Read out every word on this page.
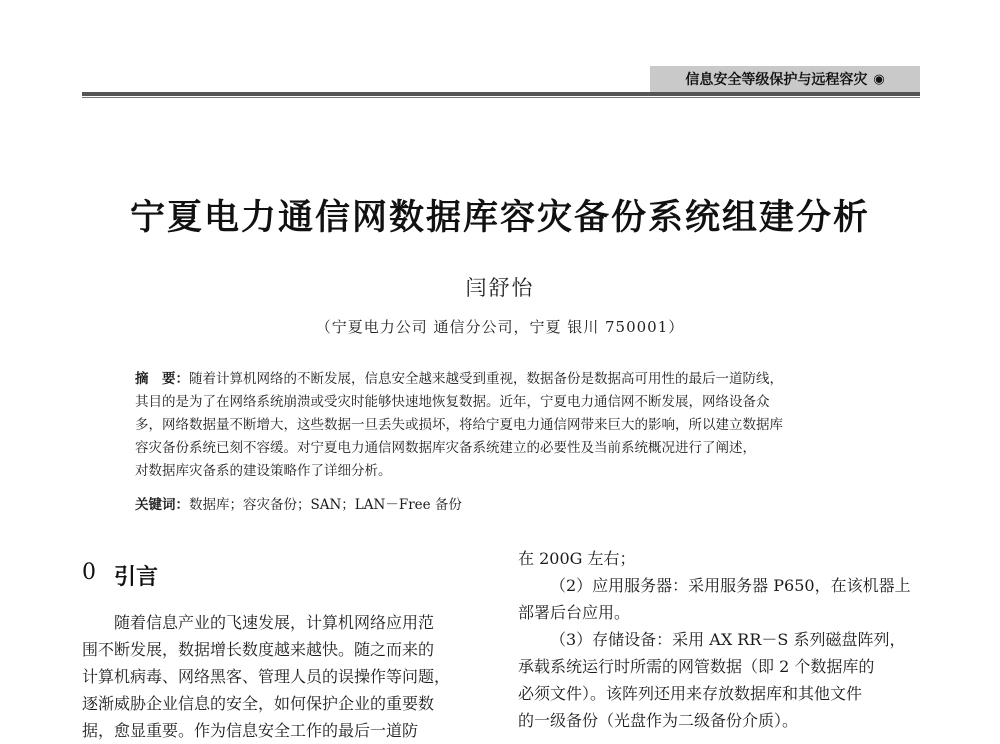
信息安全等级保护与远程容灾 ◉
宁夏电力通信网数据库容灾备份系统组建分析
闫舒怡
（宁夏电力公司 通信分公司，宁夏 银川 750001）
摘　要：随着计算机网络的不断发展，信息安全越来越受到重视，数据备份是数据高可用性的最后一道防线，
其目的是为了在网络系统崩溃或受灾时能够快速地恢复数据。近年，宁夏电力通信网不断发展，网络设备众
多，网络数据量不断增大，这些数据一旦丢失或损坏，将给宁夏电力通信网带来巨大的影响，所以建立数据库
容灾备份系统已刻不容缓。对宁夏电力通信网数据库灾备系统建立的必要性及当前系统概况进行了阐述，
对数据库灾备系的建设策略作了详细分析。
关键词：数据库；容灾备份；SAN；LAN－Free 备份
0 引言
随着信息产业的飞速发展，计算机网络应用范
围不断发展，数据增长数度越来越快。随之而来的
计算机病毒、网络黑客、管理人员的误操作等问题，
逐渐威胁企业信息的安全，如何保护企业的重要数
据，愈显重要。作为信息安全工作的最后一道防
在 200G 左右；
（2）应用服务器：采用服务器 P650，在该机器上
部署后台应用。
（3）存储设备：采用 AX RR－S 系列磁盘阵列，
承载系统运行时所需的网管数据（即 2 个数据库的
必须文件）。该阵列还用来存放数据库和其他文件
的一级备份（光盘作为二级备份介质）。
